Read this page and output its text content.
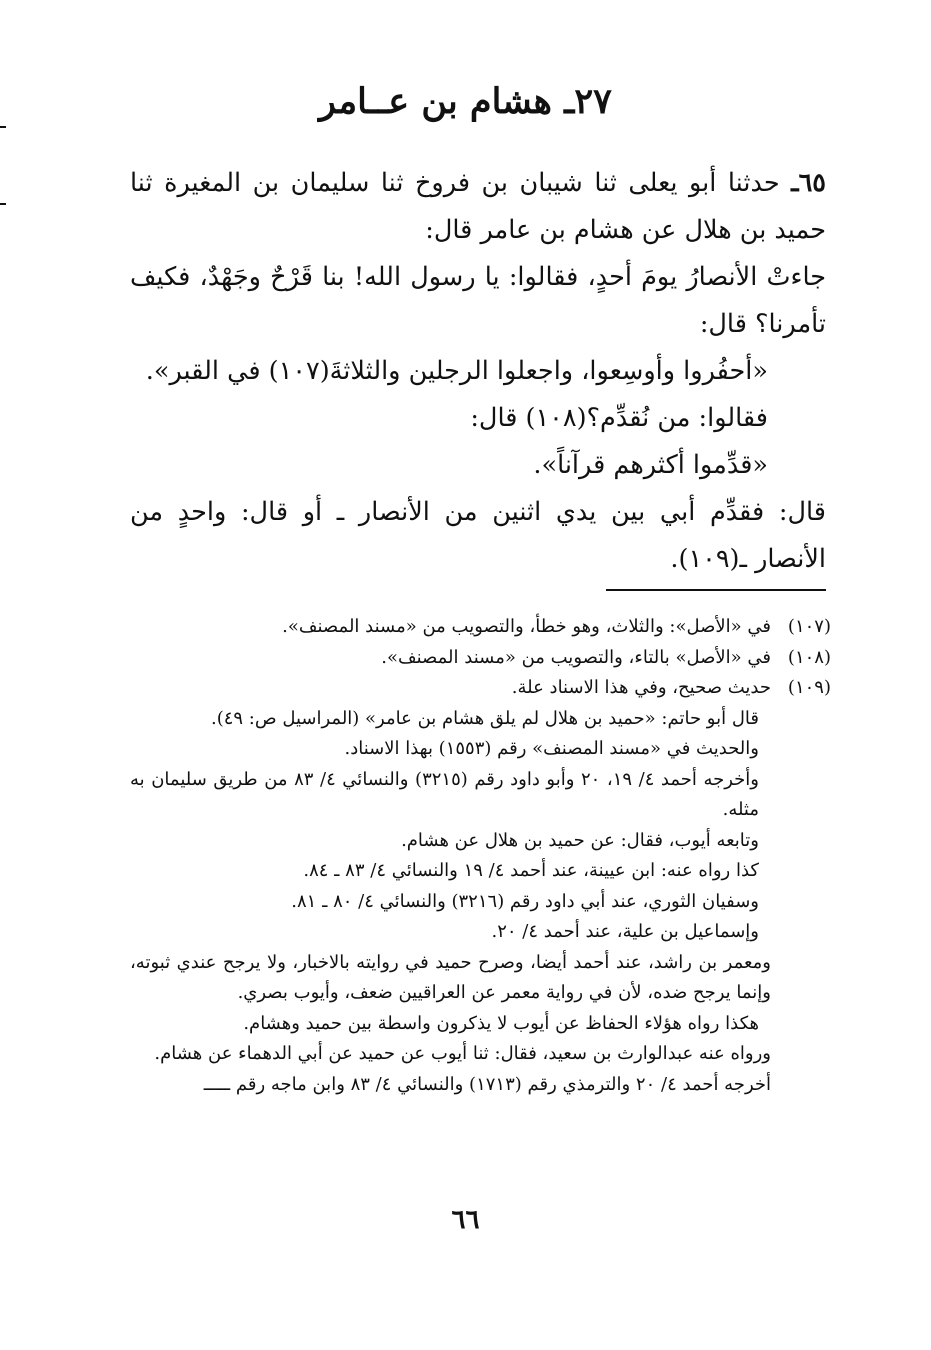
٢٧ـ هشام بن عــامر

٦٥ـ حدثنا أبو يعلى ثنا شيبان بن فروخ ثنا سليمان بن المغيرة ثنا حميد بن هلال عن هشام بن عامر قال:

جاءتْ الأنصارُ يومَ أحدٍ، فقالوا: يا رسول الله! بنا قَرْحٌ وجَهْدٌ، فكيف تأمرنا؟ قال:

«أحفُروا وأوسِعوا، واجعلوا الرجلين والثلاثةَ(١٠٧) في القبر».

فقالوا: من نُقدِّم؟(١٠٨) قال:

«قدِّموا أكثرهم قرآناً».

قال: فقدِّم أبي بين يدي اثنين من الأنصار ـ أو قال: واحدٍ من الأنصار ـ(١٠٩).

(١٠٧)
في «الأصل»: والثلاث، وهو خطأ، والتصويب من «مسند المصنف».
(١٠٨)
في «الأصل» بالتاء، والتصويب من «مسند المصنف».
(١٠٩)
حديث صحيح، وفي هذا الاسناد علة.

قال أبو حاتم: «حميد بن هلال لم يلق هشام بن عامر» (المراسيل ص: ٤٩).

والحديث في «مسند المصنف» رقم (١٥٥٣) بهذا الاسناد.

وأخرجه أحمد ٤/ ١٩، ٢٠ وأبو داود رقم (٣٢١٥) والنسائي ٤/ ٨٣ من طريق سليمان به مثله.

وتابعه أيوب، فقال: عن حميد بن هلال عن هشام.

كذا رواه عنه: ابن عيينة، عند أحمد ٤/ ١٩ والنسائي ٤/ ٨٣ ـ ٨٤.

وسفيان الثوري، عند أبي داود رقم (٣٢١٦) والنسائي ٤/ ٨٠ ـ ٨١.

وإسماعيل بن علية، عند أحمد ٤/ ٢٠.

ومعمر بن راشد، عند أحمد أيضا، وصرح حميد في روايته بالاخبار، ولا يرجح عندي ثبوته، وإنما يرجح ضده، لأن في رواية معمر عن العراقيين ضعف، وأيوب بصري.

هكذا رواه هؤلاء الحفاظ عن أيوب لا يذكرون واسطة بين حميد وهشام.

ورواه عنه عبدالوارث بن سعيد، فقال: ثنا أيوب عن حميد عن أبي الدهماء عن هشام.

أخرجه أحمد ٤/ ٢٠ والترمذي رقم (١٧١٣) والنسائي ٤/ ٨٣ وابن ماجه رقم ـــــ

٦٦
